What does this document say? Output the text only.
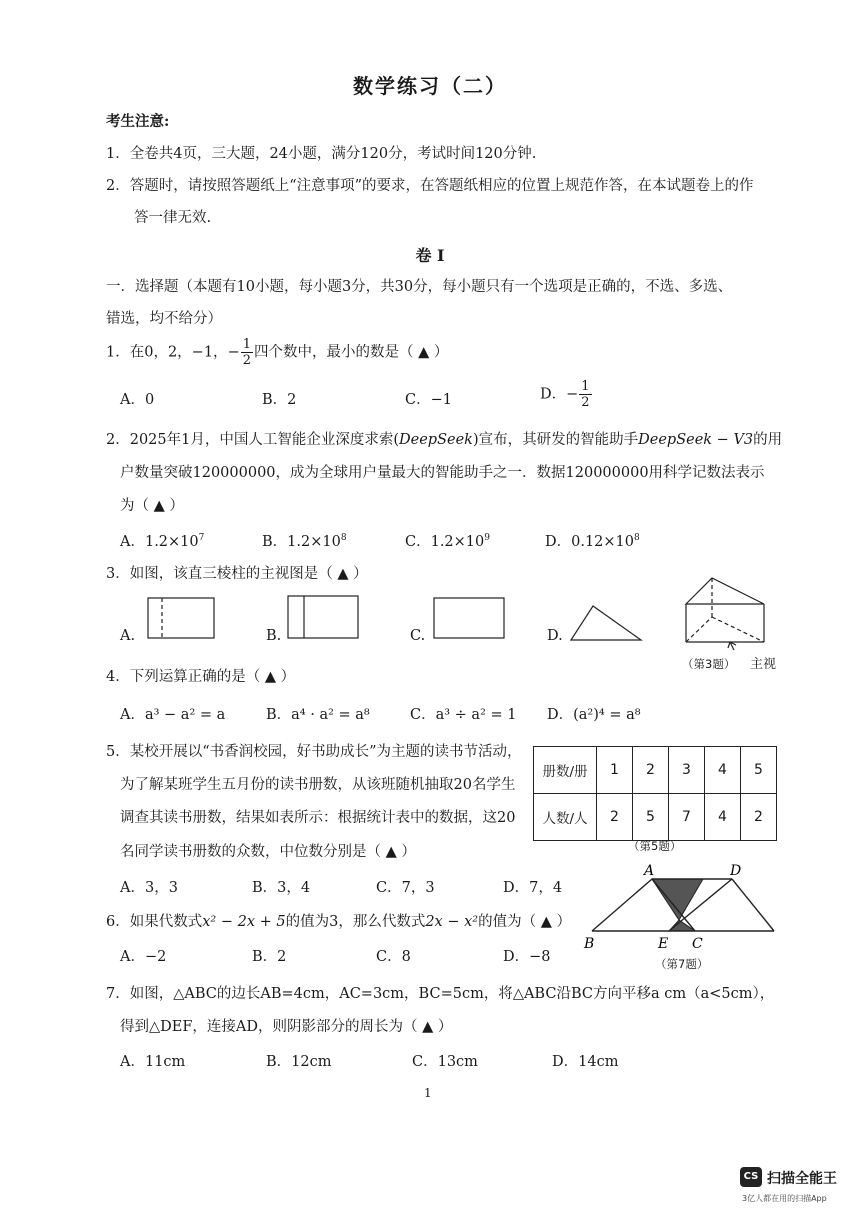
数学练习（二）
考生注意:
1．全卷共4页，三大题，24小题，满分120分，考试时间120分钟.
2．答题时，请按照答题纸上“注意事项”的要求，在答题纸相应的位置上规范作答，在本试题卷上的作
答一律无效.
卷 I
一．选择题（本题有10小题，每小题3分，共30分，每小题只有一个选项是正确的，不选、多选、
错选，均不给分）
1．在0，2，−1，− $\frac{1}{2}$ 四个数中，最小的数是（ ▲ ）
A．0	B．2	C．−1	D．− $\frac{1}{2}$
2．2025年1月，中国人工智能企业深度求索(DeepSeek)宣布，其研发的智能助手DeepSeek − V3的用
户数量突破120000000，成为全球用户量最大的智能助手之一．数据120000000用科学记数法表示
为（ ▲ ）
A．$1.2\times 10^7$	B．$1.2\times 10^8$	C．$1.2\times 10^9$	D．$0.12\times 10^8$
3．如图，该直三棱柱的主视图是（ ▲ ）
A.	B.	C.	D.
（第3题） 主视
4．下列运算正确的是（ ▲ ）
A．a³ − a² = a	B．a⁴ · a² = a⁸	C．a³ ÷ a² = 1 D．(a²)⁴ = a⁸
5．某校开展以“书香润校园，好书助成长”为主题的读书节活动，
为了解某班学生五月份的读书册数，从该班随机抽取20名学生
调查其读书册数，结果如表所示：根据统计表中的数据，这20
名同学读书册数的众数，中位数分别是（ ▲ ）
册数/册	1	2	3	4	5
人数/人	2	5	7	4	2
（第5题）
A．3，3	B．3，4	C．7，3	D．7，4
6．如果代数式x² − 2x + 5的值为3，那么代数式2x − x²的值为（ ▲ ）
A．−2	B．2	C．8	D．−8
A	D
B	E C
（第7题）
7．如图，△ABC的边长AB=4cm，AC=3cm，BC=5cm，将△ABC沿BC方向平移a cm（a<5cm），
得到△DEF，连接AD，则阴影部分的周长为（ ▲ ）
A．11cm	B．12cm	C．13cm	D．14cm
1
CS 扫描全能王
3亿人都在用的扫描App
